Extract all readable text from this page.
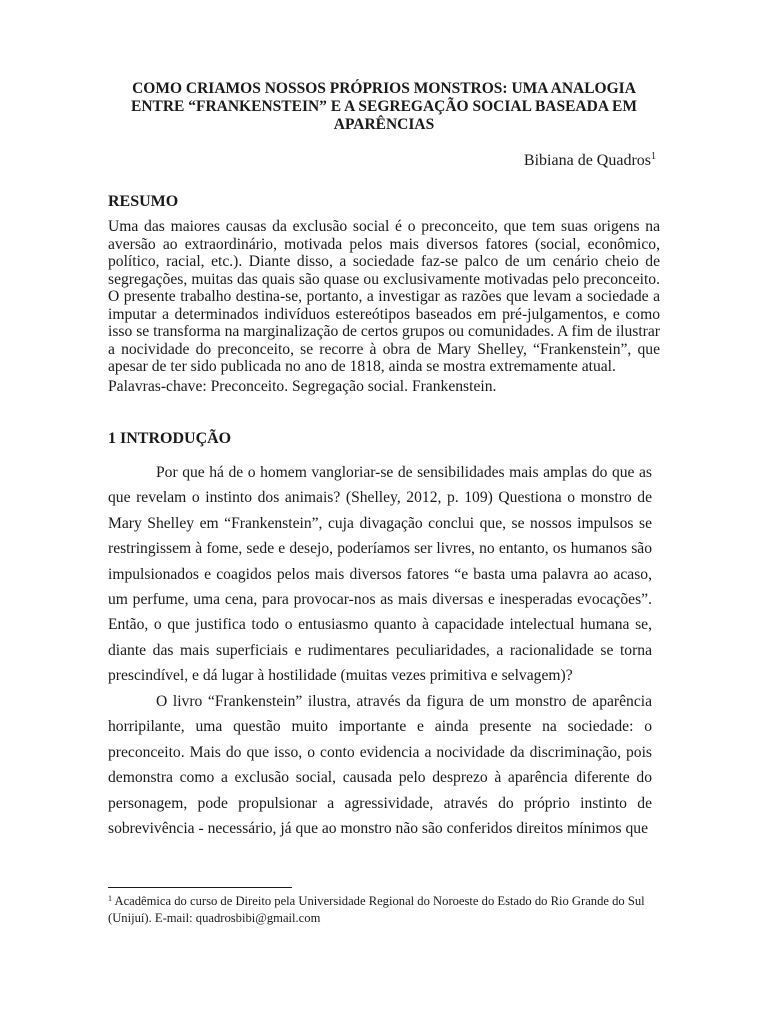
COMO CRIAMOS NOSSOS PRÓPRIOS MONSTROS: UMA ANALOGIA
ENTRE “FRANKENSTEIN” E A SEGREGAÇÃO SOCIAL BASEADA EM
APARÊNCIAS
Bibiana de Quadros$^1$
RESUMO

Uma das maiores causas da exclusão social é o preconceito, que tem suas origens na aversão ao extraordinário, motivada pelos mais diversos fatores (social, econômico, político, racial, etc.). Diante disso, a sociedade faz-se palco de um cenário cheio de segregações, muitas das quais são quase ou exclusivamente motivadas pelo preconceito. O presente trabalho destina-se, portanto, a investigar as razões que levam a sociedade a imputar a determinados indivíduos estereótipos baseados em pré-julgamentos, e como isso se transforma na marginalização de certos grupos ou comunidades. A fim de ilustrar a nocividade do preconceito, se recorre à obra de Mary Shelley, “Frankenstein”, que apesar de ter sido publicada no ano de 1818, ainda se mostra extremamente atual.

Palavras-chave: Preconceito. Segregação social. Frankenstein.

1 INTRODUÇÃO

Por que há de o homem vangloriar-se de sensibilidades mais amplas do que as que revelam o instinto dos animais? (Shelley, 2012, p. 109) Questiona o monstro de Mary Shelley em “Frankenstein”, cuja divagação conclui que, se nossos impulsos se restringissem à fome, sede e desejo, poderíamos ser livres, no entanto, os humanos são impulsionados e coagidos pelos mais diversos fatores “e basta uma palavra ao acaso, um perfume, uma cena, para provocar-nos as mais diversas e inesperadas evocações”. Então, o que justifica todo o entusiasmo quanto à capacidade intelectual humana se, diante das mais superficiais e rudimentares peculiaridades, a racionalidade se torna prescindível, e dá lugar à hostilidade (muitas vezes primitiva e selvagem)?

O livro “Frankenstein” ilustra, através da figura de um monstro de aparência horripilante, uma questão muito importante e ainda presente na sociedade: o preconceito. Mais do que isso, o conto evidencia a nocividade da discriminação, pois demonstra como a exclusão social, causada pelo desprezo à aparência diferente do personagem, pode propulsionar a agressividade, através do próprio instinto de sobrevivência - necessário, já que ao monstro não são conferidos direitos mínimos que

$^1$ Acadêmica do curso de Direito pela Universidade Regional do Noroeste do Estado do Rio Grande do Sul (Unijuí). E-mail: quadrosbibi@gmail.com
